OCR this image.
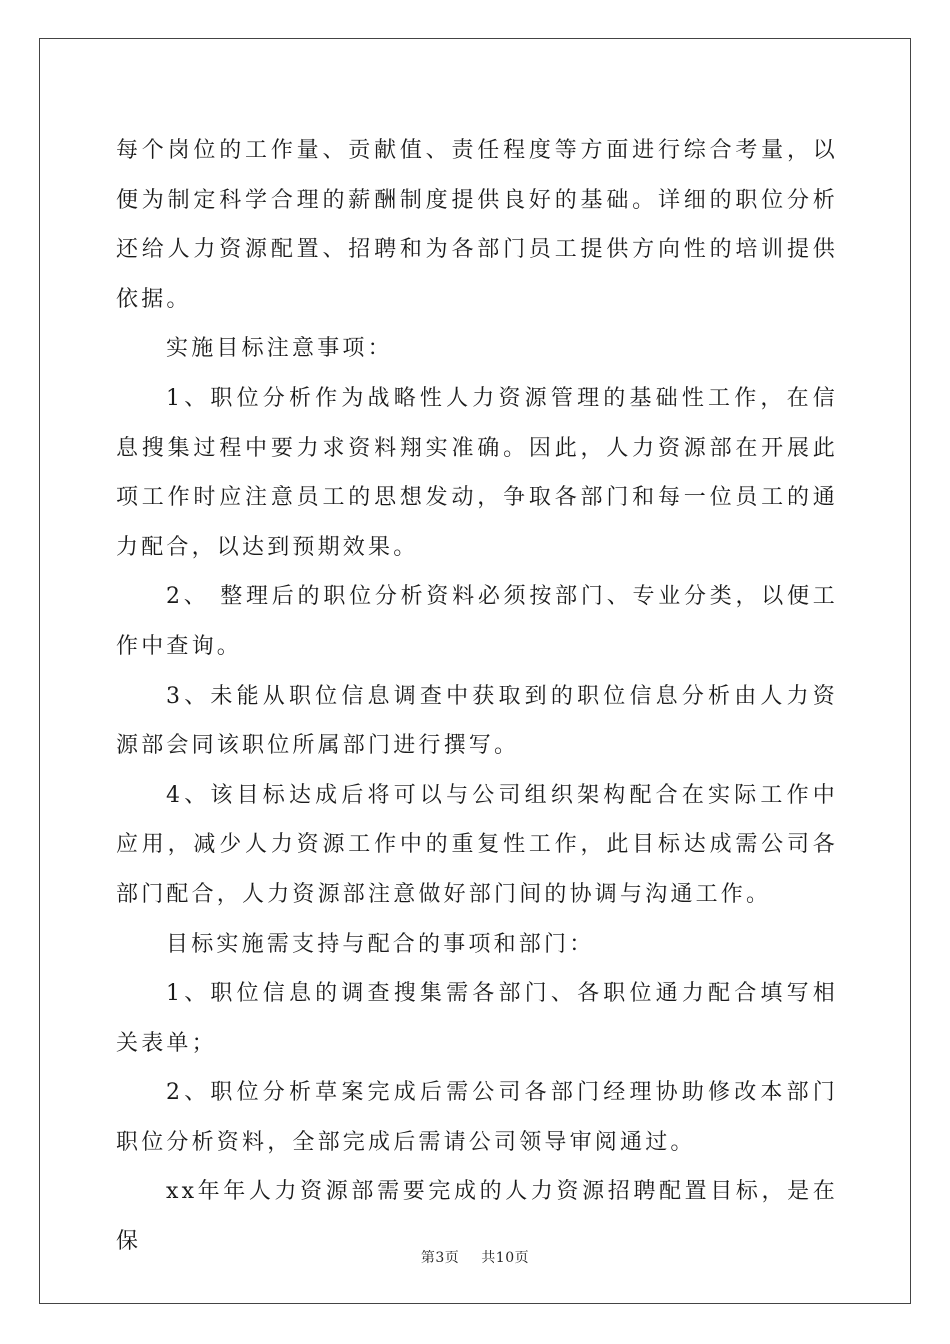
每个岗位的工作量、贡献值、责任程度等方面进行综合考量，以便为制定科学合理的薪酬制度提供良好的基础。详细的职位分析还给人力资源配置、招聘和为各部门员工提供方向性的培训提供依据。

实施目标注意事项：

1、职位分析作为战略性人力资源管理的基础性工作，在信息搜集过程中要力求资料翔实准确。因此，人力资源部在开展此项工作时应注意员工的思想发动，争取各部门和每一位员工的通力配合，以达到预期效果。

2、 整理后的职位分析资料必须按部门、专业分类，以便工作中查询。

3、未能从职位信息调查中获取到的职位信息分析由人力资源部会同该职位所属部门进行撰写。

4、该目标达成后将可以与公司组织架构配合在实际工作中应用，减少人力资源工作中的重复性工作，此目标达成需公司各部门配合，人力资源部注意做好部门间的协调与沟通工作。

目标实施需支持与配合的事项和部门：

1、职位信息的调查搜集需各部门、各职位通力配合填写相关表单；

2、职位分析草案完成后需公司各部门经理协助修改本部门职位分析资料，全部完成后需请公司领导审阅通过。

xx年年人力资源部需要完成的人力资源招聘配置目标，是在保

第3页 共10页
